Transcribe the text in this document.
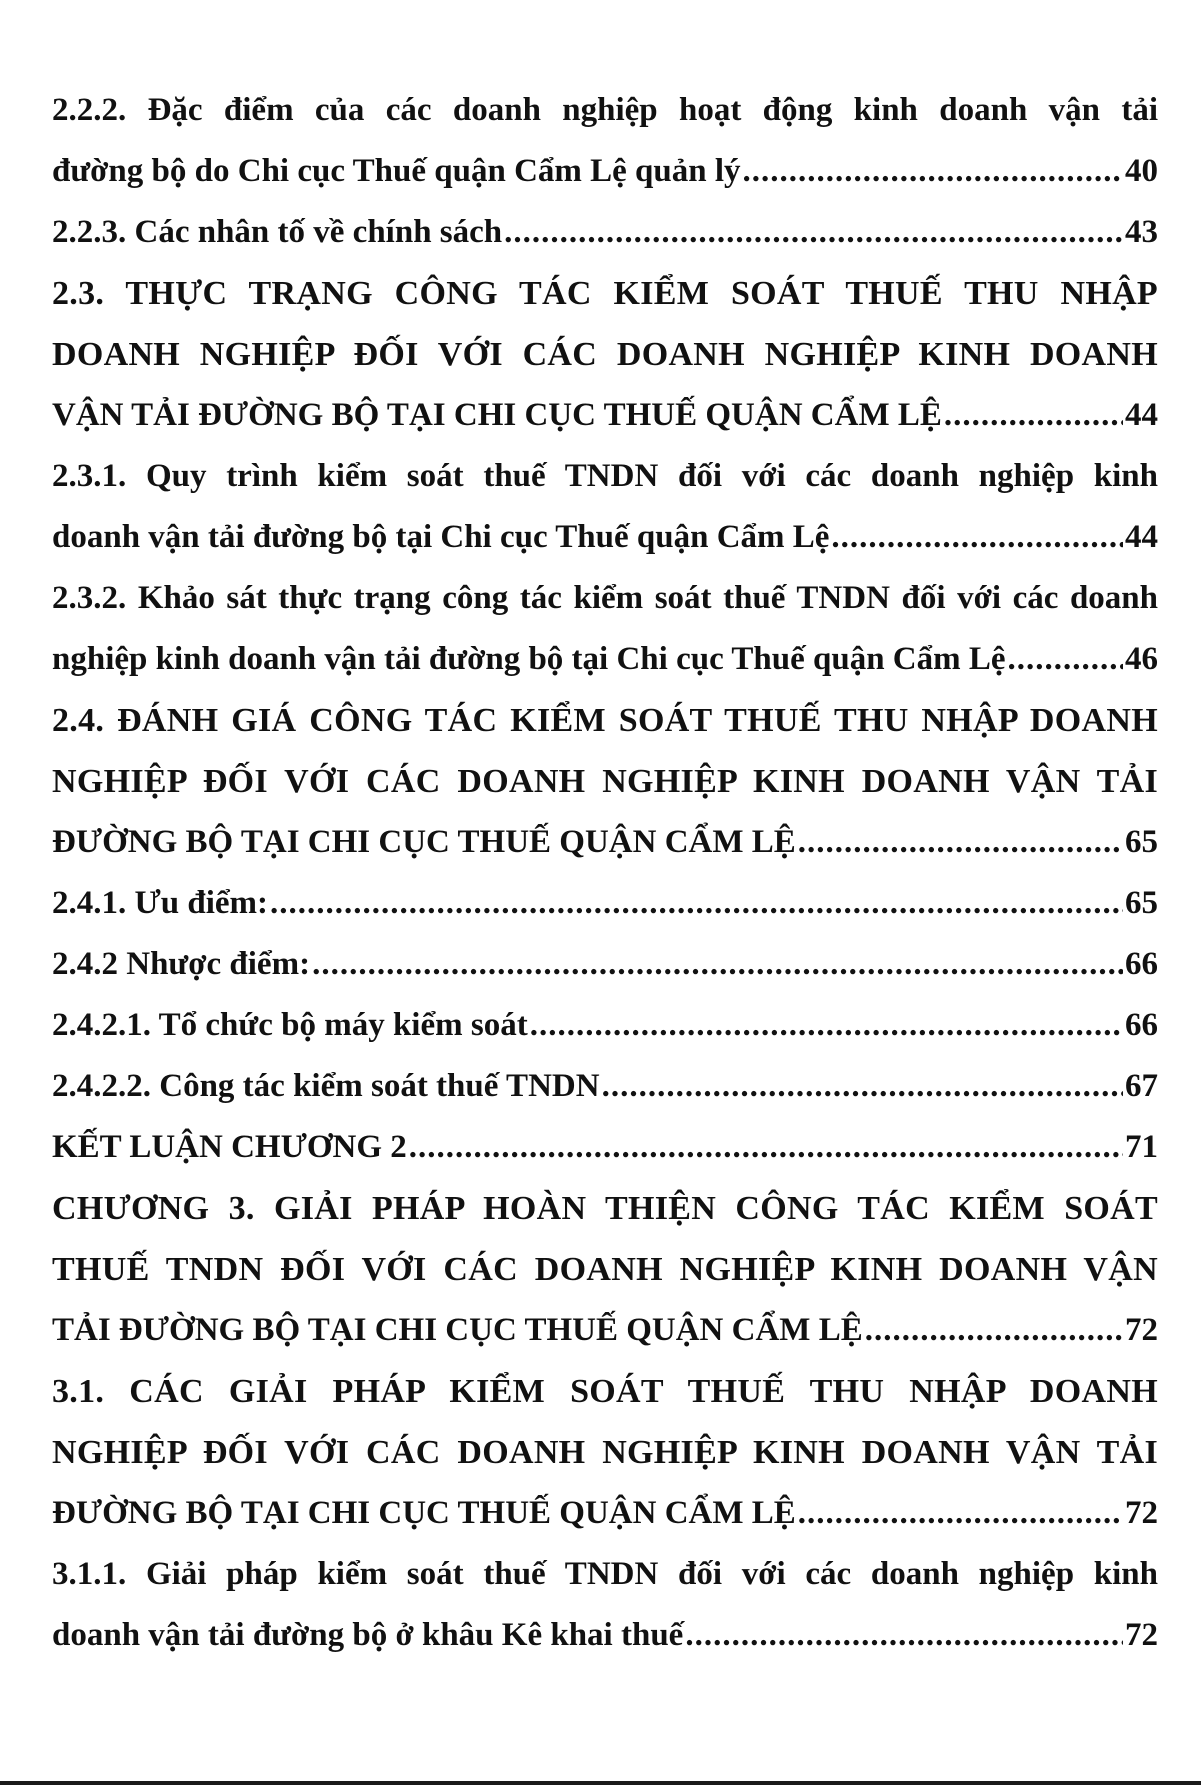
2.2.2. Đặc điểm của các doanh nghiệp hoạt động kinh doanh vận tải
đường bộ do Chi cục Thuế quận Cẩm Lệ quản lý .....	40
2.2.3. Các nhân tố về chính sách .....	43
2.3. THỰC TRẠNG CÔNG TÁC KIỂM SOÁT THUẾ THU NHẬP
DOANH NGHIỆP ĐỐI VỚI CÁC DOANH NGHIỆP KINH DOANH
VẬN TẢI ĐƯỜNG BỘ TẠI CHI CỤC THUẾ QUẬN CẨM LỆ .....	44
2.3.1. Quy trình kiểm soát thuế TNDN đối với các doanh nghiệp kinh
doanh vận tải đường bộ tại Chi cục Thuế quận Cẩm Lệ .....	44
2.3.2. Khảo sát thực trạng công tác kiểm soát thuế TNDN đối với các doanh
nghiệp kinh doanh vận tải đường bộ tại Chi cục Thuế quận Cẩm Lệ .....	46
2.4. ĐÁNH GIÁ CÔNG TÁC KIỂM SOÁT THUẾ THU NHẬP DOANH
NGHIỆP ĐỐI VỚI CÁC DOANH NGHIỆP KINH DOANH VẬN TẢI
ĐƯỜNG BỘ TẠI CHI CỤC THUẾ QUẬN CẨM LỆ .....	65
2.4.1. Ưu điểm: .....	65
2.4.2 Nhược điểm: .....	66
2.4.2.1. Tổ chức bộ máy kiểm soát .....	66
2.4.2.2. Công tác kiểm soát thuế TNDN .....	67
KẾT LUẬN CHƯƠNG 2 .....	71
CHƯƠNG 3. GIẢI PHÁP HOÀN THIỆN CÔNG TÁC KIỂM SOÁT
THUẾ TNDN ĐỐI VỚI CÁC DOANH NGHIỆP KINH DOANH VẬN
TẢI ĐƯỜNG BỘ TẠI CHI CỤC THUẾ QUẬN CẨM LỆ .....	72
3.1. CÁC GIẢI PHÁP KIỂM SOÁT THUẾ THU NHẬP DOANH
NGHIỆP ĐỐI VỚI CÁC DOANH NGHIỆP KINH DOANH VẬN TẢI
ĐƯỜNG BỘ TẠI CHI CỤC THUẾ QUẬN CẨM LỆ .....	72
3.1.1. Giải pháp kiểm soát thuế TNDN đối với các doanh nghiệp kinh
doanh vận tải đường bộ ở khâu Kê khai thuế .....	72
